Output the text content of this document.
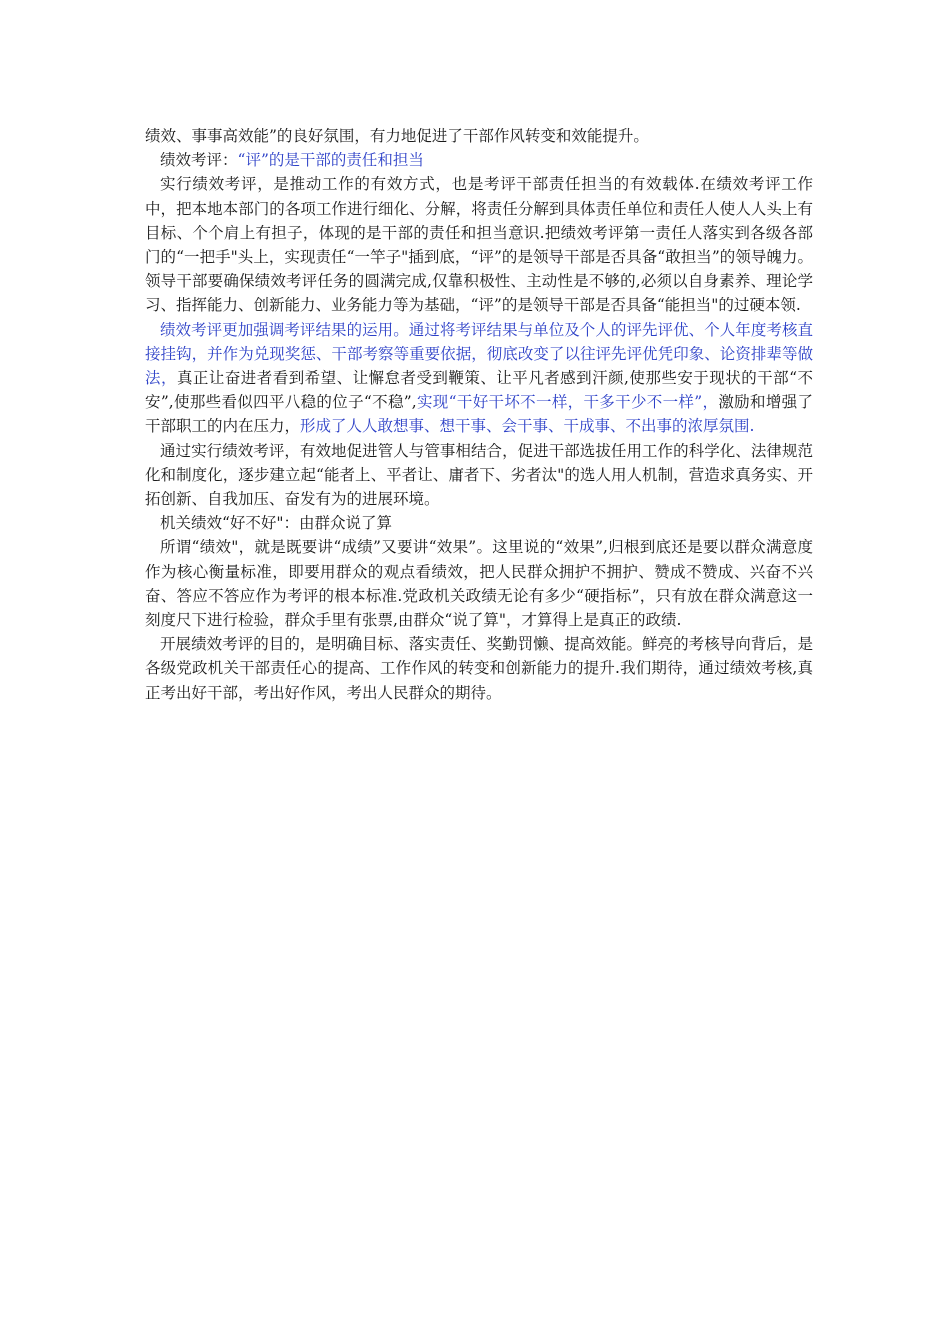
绩效、事事高效能”的良好氛围，有力地促进了干部作风转变和效能提升。

绩效考评：“评”的是干部的责任和担当

实行绩效考评，是推动工作的有效方式，也是考评干部责任担当的有效载体.在绩效考评工作中，把本地本部门的各项工作进行细化、分解，将责任分解到具体责任单位和责任人使人人头上有目标、个个肩上有担子，体现的是干部的责任和担当意识.把绩效考评第一责任人落实到各级各部门的“一把手"头上，实现责任“一竿子"插到底，“评”的是领导干部是否具备“敢担当”的领导魄力。领导干部要确保绩效考评任务的圆满完成,仅靠积极性、主动性是不够的,必须以自身素养、理论学习、指挥能力、创新能力、业务能力等为基础，“评”的是领导干部是否具备“能担当"的过硬本领.

绩效考评更加强调考评结果的运用。通过将考评结果与单位及个人的评先评优、个人年度考核直接挂钩，并作为兑现奖惩、干部考察等重要依据，彻底改变了以往评先评优凭印象、论资排辈等做法，真正让奋进者看到希望、让懈怠者受到鞭策、让平凡者感到汗颜,使那些安于现状的干部“不安”,使那些看似四平八稳的位子“不稳”,实现“干好干坏不一样，干多干少不一样”，激励和增强了干部职工的内在压力，形成了人人敢想事、想干事、会干事、干成事、不出事的浓厚氛围.

通过实行绩效考评，有效地促进管人与管事相结合，促进干部选拔任用工作的科学化、法律规范化和制度化，逐步建立起“能者上、平者让、庸者下、劣者汰"的选人用人机制，营造求真务实、开拓创新、自我加压、奋发有为的进展环境。

机关绩效“好不好"：由群众说了算

所谓“绩效"，就是既要讲“成绩”又要讲“效果”。这里说的“效果”,归根到底还是要以群众满意度作为核心衡量标准，即要用群众的观点看绩效，把人民群众拥护不拥护、赞成不赞成、兴奋不兴奋、答应不答应作为考评的根本标准.党政机关政绩无论有多少“硬指标”，只有放在群众满意这一刻度尺下进行检验，群众手里有张票,由群众“说了算"，才算得上是真正的政绩.

开展绩效考评的目的，是明确目标、落实责任、奖勤罚懒、提高效能。鲜亮的考核导向背后，是各级党政机关干部责任心的提高、工作作风的转变和创新能力的提升.我们期待，通过绩效考核,真正考出好干部，考出好作风，考出人民群众的期待。
